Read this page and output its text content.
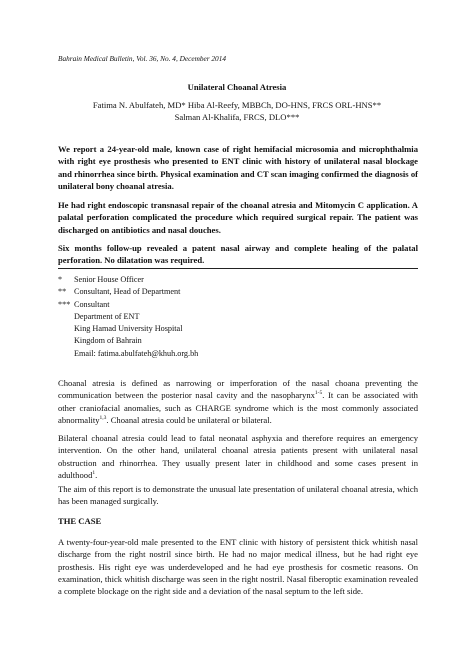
Bahrain Medical Bulletin, Vol. 36, No. 4, December 2014
Unilateral Choanal Atresia
Fatima N. Abulfateh, MD* Hiba Al-Reefy, MBBCh, DO-HNS, FRCS ORL-HNS**
Salman Al-Khalifa, FRCS, DLO***

We report a 24-year-old male, known case of right hemifacial microsomia and microphthalmia with right eye prosthesis who presented to ENT clinic with history of unilateral nasal blockage and rhinorrhea since birth. Physical examination and CT scan imaging confirmed the diagnosis of unilateral bony choanal atresia.

He had right endoscopic transnasal repair of the choanal atresia and Mitomycin C application. A palatal perforation complicated the procedure which required surgical repair. The patient was discharged on antibiotics and nasal douches.

Six months follow-up revealed a patent nasal airway and complete healing of the palatal perforation. No dilatation was required.

*	Senior House Officer
** Consultant, Head of Department
*** Consultant
Department of ENT
King Hamad University Hospital
Kingdom of Bahrain
Email: fatima.abulfateh@khuh.org.bh

Choanal atresia is defined as narrowing or imperforation of the nasal choana preventing the communication between the posterior nasal cavity and the nasopharynx$^{1-5}$. It can be associated with other craniofacial anomalies, such as CHARGE syndrome which is the most commonly associated abnormality$^{1,3}$. Choanal atresia could be unilateral or bilateral.

Bilateral choanal atresia could lead to fatal neonatal asphyxia and therefore requires an emergency intervention. On the other hand, unilateral choanal atresia patients present with unilateral nasal obstruction and rhinorrhea. They usually present later in childhood and some cases present in adulthood$^1$.

The aim of this report is to demonstrate the unusual late presentation of unilateral choanal atresia, which has been managed surgically.

THE CASE

A twenty-four-year-old male presented to the ENT clinic with history of persistent thick whitish nasal discharge from the right nostril since birth. He had no major medical illness, but he had right eye prosthesis. His right eye was underdeveloped and he had eye prosthesis for cosmetic reasons. On examination, thick whitish discharge was seen in the right nostril. Nasal fiberoptic examination revealed a complete blockage on the right side and a deviation of the nasal septum to the left side.
